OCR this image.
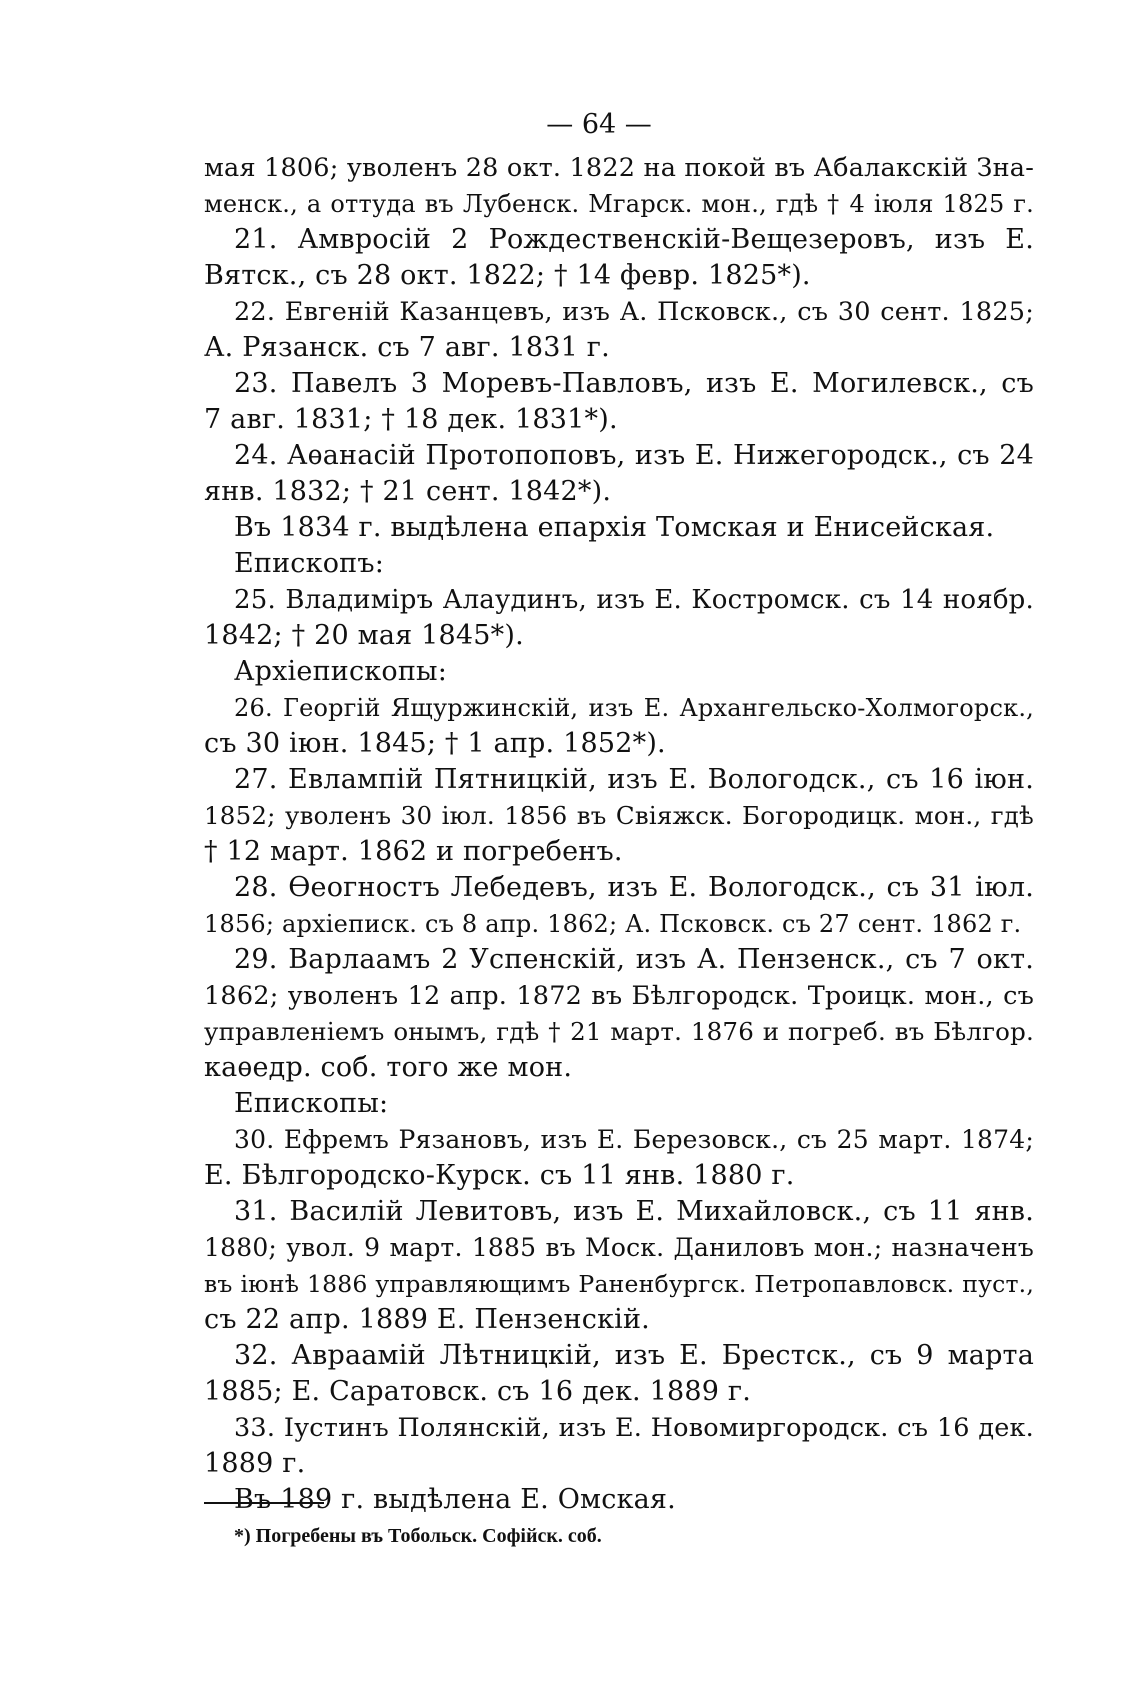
— 64 —
мая 1806; уволенъ 28 окт. 1822 на покой въ Абалакскій Зна-
менск., а оттуда въ Лубенск. Мгарск. мон., гдѣ † 4 іюля 1825 г.
21. Амвросій 2 Рождественскій-Вещезеровъ, изъ Е.
Вятск., съ 28 окт. 1822; † 14 февр. 1825*).
22. Евгеній Казанцевъ, изъ А. Псковск., съ 30 сент. 1825;
А. Рязанск. съ 7 авг. 1831 г.
23. Павелъ 3 Моревъ-Павловъ, изъ Е. Могилевск., съ
7 авг. 1831; † 18 дек. 1831*).
24. Аѳанасій Протопоповъ, изъ Е. Нижегородск., съ 24
янв. 1832; † 21 сент. 1842*).
Въ 1834 г. выдѣлена епархія Томская и Енисейская.
Епископъ:
25. Владиміръ Алаудинъ, изъ Е. Костромск. съ 14 ноябр.
1842; † 20 мая 1845*).
Архіепископы:
26. Георгій Ящуржинскій, изъ Е. Архангельско-Холмогорск.,
съ 30 іюн. 1845; † 1 апр. 1852*).
27. Евлампій Пятницкій, изъ Е. Вологодск., съ 16 іюн.
1852; уволенъ 30 іюл. 1856 въ Свіяжск. Богородицк. мон., гдѣ
† 12 март. 1862 и погребенъ.
28. Ѳеогностъ Лебедевъ, изъ Е. Вологодск., съ 31 іюл.
1856; архіеписк. съ 8 апр. 1862; А. Псковск. съ 27 сент. 1862 г.
29. Варлаамъ 2 Успенскій, изъ А. Пензенск., съ 7 окт.
1862; уволенъ 12 апр. 1872 въ Бѣлгородск. Троицк. мон., съ
управленіемъ онымъ, гдѣ † 21 март. 1876 и погреб. въ Бѣлгор.
каѳедр. соб. того же мон.
Епископы:
30. Ефремъ Рязановъ, изъ Е. Березовск., съ 25 март. 1874;
Е. Бѣлгородско-Курск. съ 11 янв. 1880 г.
31. Василій Левитовъ, изъ Е. Михайловск., съ 11 янв.
1880; увол. 9 март. 1885 въ Моск. Даниловъ мон.; назначенъ
въ іюнѣ 1886 управляющимъ Раненбургск. Петропавловск. пуст.,
съ 22 апр. 1889 Е. Пензенскій.
32. Авраамій Лѣтницкій, изъ Е. Брестск., съ 9 марта
1885; Е. Саратовск. съ 16 дек. 1889 г.
33. Іустинъ Полянскій, изъ Е. Новомиргородск. съ 16 дек.
1889 г.
Въ 189 г. выдѣлена Е. Омская.
*) Погребены въ Тобольск. Софійск. соб.
